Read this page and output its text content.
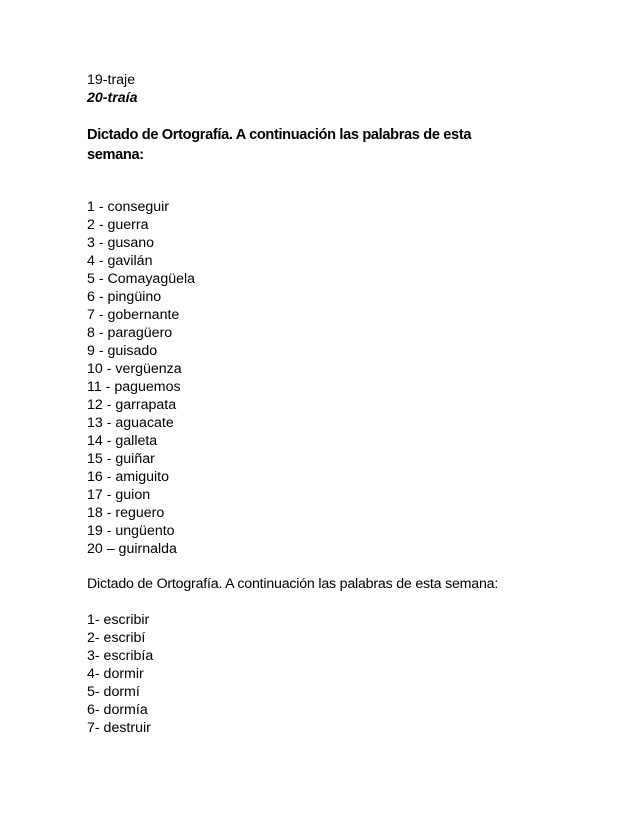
19-traje
20-traía
Dictado de Ortografía. A continuación las palabras de esta
semana:
1 - conseguir
2 - guerra
3 - gusano
4 - gavilán
5 - Comayagüela
6 - pingüino
7 - gobernante
8 - paragüero
9 - guisado
10 - vergüenza
11 - paguemos
12 - garrapata
13 - aguacate
14 - galleta
15 - guiñar
16 - amiguito
17 - guion
18 - reguero
19 - ungüento
20 – guirnalda
Dictado de Ortografía. A continuación las palabras de esta semana:
1- escribir
2- escribí
3- escribía
4- dormir
5- dormí
6- dormía
7- destruir
